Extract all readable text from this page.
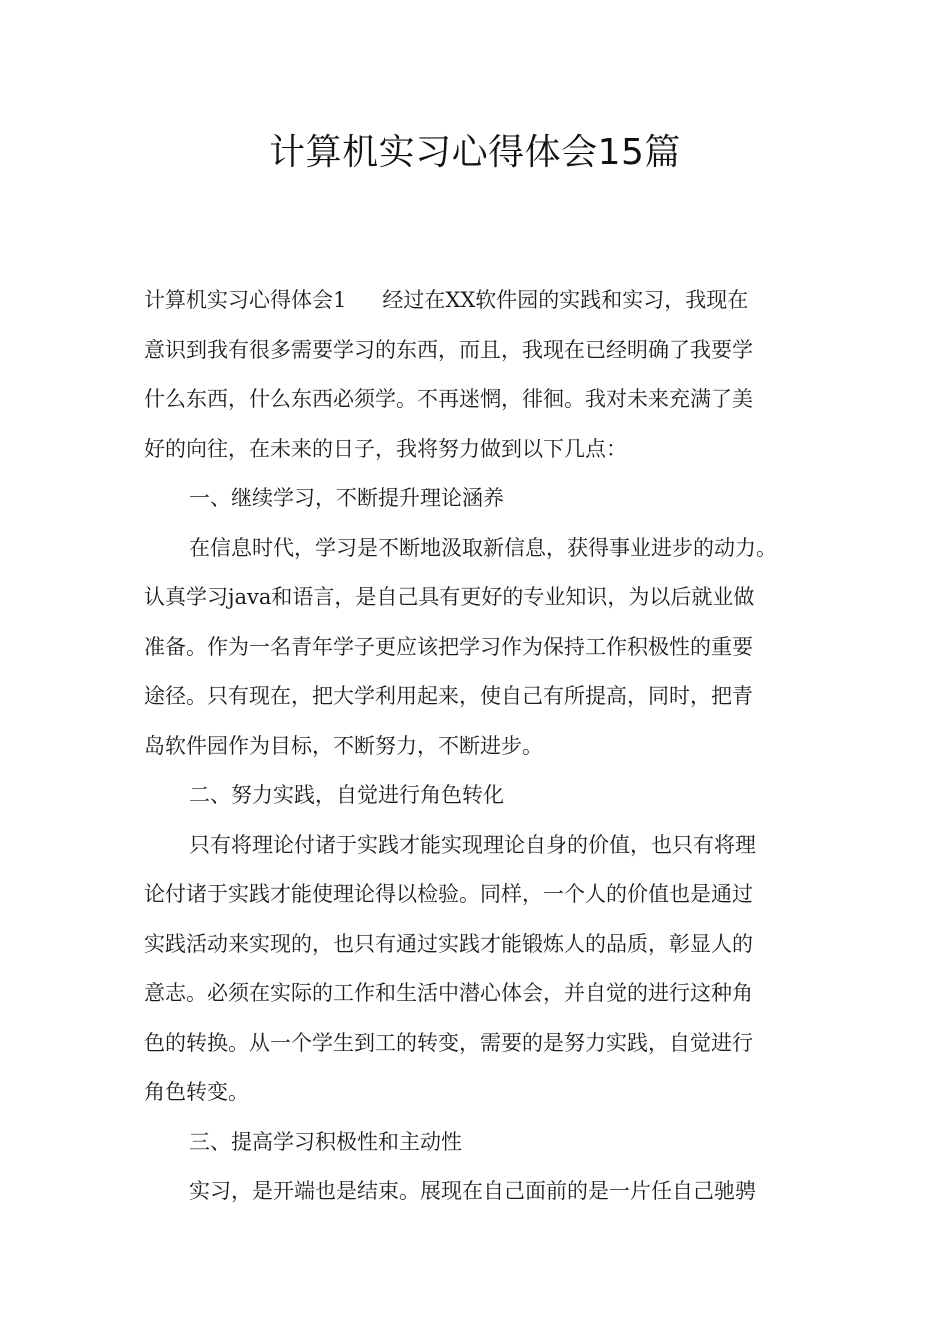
计算机实习心得体会15篇
计算机实习心得体会1 经过在XX软件园的实践和实习，我现在
意识到我有很多需要学习的东西，而且，我现在已经明确了我要学
什么东西，什么东西必须学。不再迷惘，徘徊。我对未来充满了美
好的向往，在未来的日子，我将努力做到以下几点：
一、继续学习，不断提升理论涵养
在信息时代，学习是不断地汲取新信息，获得事业进步的动力。
认真学习java和语言，是自己具有更好的专业知识，为以后就业做
准备。作为一名青年学子更应该把学习作为保持工作积极性的重要
途径。只有现在，把大学利用起来，使自己有所提高，同时，把青
岛软件园作为目标，不断努力，不断进步。
二、努力实践，自觉进行角色转化
只有将理论付诸于实践才能实现理论自身的价值，也只有将理
论付诸于实践才能使理论得以检验。同样，一个人的价值也是通过
实践活动来实现的，也只有通过实践才能锻炼人的品质，彰显人的
意志。必须在实际的工作和生活中潜心体会，并自觉的进行这种角
色的转换。从一个学生到工的转变，需要的是努力实践，自觉进行
角色转变。
三、提高学习积极性和主动性
实习，是开端也是结束。展现在自己面前的是一片任自己驰骋
